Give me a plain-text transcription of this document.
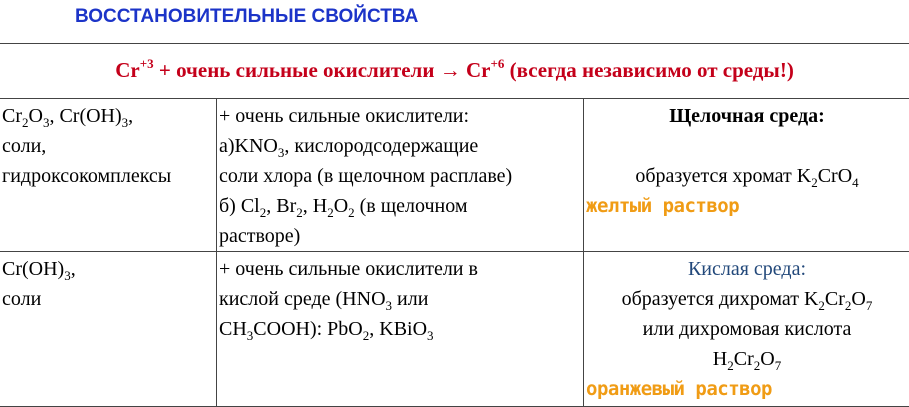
ВОССТАНОВИТЕЛЬНЫЕ СВОЙСТВА
$Cr^{+3}$ + очень сильные окислители → $Cr^{+6}$ (всегда независимо от среды!)
$Cr_2O_3$, $Cr(OH)_3$,
соли,
гидроксокомплексы	+ очень сильные окислители:
$а)KNO_3$, кислородсодержащие
соли хлора (в щелочном расплаве)
б) $Cl_2$, $Br_2$, $H_2O_2$ (в щелочном
растворе)	Щелочная среда:

образуется хромат $K_2CrO_4$
желтый раствор

$Cr(OH)_3$,
соли	+ очень сильные окислители в
кислой среде ($HNO_3$ или
$CH_3COOH$): PbO$_2$, KBiO$_3$	Кислая среда:
образуется дихромат $K_2Cr_2O_7$
или дихромовая кислота
$H_2Cr_2O_7$
оранжевый раствор
